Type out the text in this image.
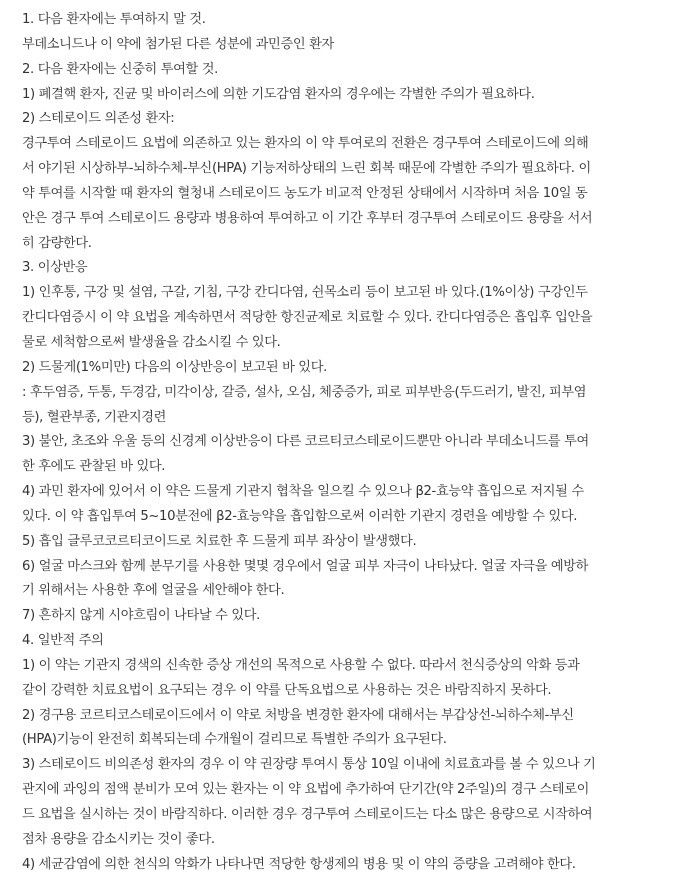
1. 다음 환자에는 투여하지 말 것.
부데소니드나 이 약에 첨가된 다른 성분에 과민증인 환자
2. 다음 환자에는 신중히 투여할 것.
1) 폐결핵 환자, 진균 및 바이러스에 의한 기도감염 환자의 경우에는 각별한 주의가 필요하다.
2) 스테로이드 의존성 환자:
경구투여 스테로이드 요법에 의존하고 있는 환자의 이 약 투여로의 전환은 경구투여 스테로이드에 의해
서 야기된 시상하부-뇌하수체-부신(HPA) 기능저하상태의 느린 회복 때문에 각별한 주의가 필요하다. 이
약 투여를 시작할 때 환자의 혈청내 스테로이드 농도가 비교적 안정된 상태에서 시작하며 처음 10일 동
안은 경구 투여 스테로이드 용량과 병용하여 투여하고 이 기간 후부터 경구투여 스테로이드 용량을 서서
히 감량한다.
3. 이상반응
1) 인후통, 구강 및 설염, 구갈, 기침, 구강 칸디다염, 쉰목소리 등이 보고된 바 있다.(1%이상) 구강인두
칸디다염증시 이 약 요법을 계속하면서 적당한 항진균제로 치료할 수 있다. 칸디다염증은 흡입후 입안을
물로 세척함으로써 발생율을 감소시킬 수 있다.
2) 드물게(1%미만) 다음의 이상반응이 보고된 바 있다.
: 후두염증, 두통, 두경감, 미각이상, 갈증, 설사, 오심, 체중증가, 피로 피부반응(두드러기, 발진, 피부염
등), 혈관부종, 기관지경련
3) 불안, 초조와 우울 등의 신경계 이상반응이 다른 코르티코스테로이드뿐만 아니라 부데소니드를 투여
한 후에도 관찰된 바 있다.
4) 과민 환자에 있어서 이 약은 드물게 기관지 협착을 일으킬 수 있으나 β2-효능약 흡입으로 저지될 수
있다. 이 약 흡입투여 5~10분전에 β2-효능약을 흡입함으로써 이러한 기관지 경련을 예방할 수 있다.
5) 흡입 글루코코르티코이드로 치료한 후 드물게 피부 좌상이 발생했다.
6) 얼굴 마스크와 함께 분무기를 사용한 몇몇 경우에서 얼굴 피부 자극이 나타났다. 얼굴 자극을 예방하
기 위해서는 사용한 후에 얼굴을 세안해야 한다.
7) 흔하지 않게 시야흐림이 나타날 수 있다.
4. 일반적 주의
1) 이 약는 기관지 경색의 신속한 증상 개선의 목적으로 사용할 수 없다. 따라서 천식증상의 악화 등과
같이 강력한 치료요법이 요구되는 경우 이 약를 단독요법으로 사용하는 것은 바람직하지 못하다.
2) 경구용 코르티코스테로이드에서 이 약로 처방을 변경한 환자에 대해서는 부갑상선-뇌하수체-부신
(HPA)기능이 완전히 회복되는데 수개월이 걸리므로 특별한 주의가 요구된다.
3) 스테로이드 비의존성 환자의 경우 이 약 권장량 투여시 통상 10일 이내에 치료효과를 볼 수 있으나 기
관지에 과잉의 점액 분비가 모여 있는 환자는 이 약 요법에 추가하여 단기간(약 2주일)의 경구 스테로이
드 요법을 실시하는 것이 바람직하다. 이러한 경우 경구투여 스테로이드는 다소 많은 용량으로 시작하여
점차 용량을 감소시키는 것이 좋다.
4) 세균감염에 의한 천식의 악화가 나타나면 적당한 항생제의 병용 및 이 약의 증량을 고려해야 한다.
